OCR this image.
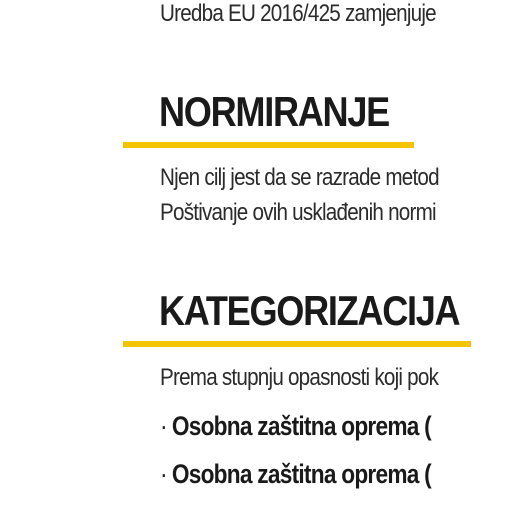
Uredba EU 2016/425 zamjenjuje

NORMIRANJE

Njen cilj jest da se razrade metod

Poštivanje ovih usklađenih normi

KATEGORIZACIJA

Prema stupnju opasnosti koji pok

· Osobna zaštitna oprema (
· Osobna zaštitna oprema (
